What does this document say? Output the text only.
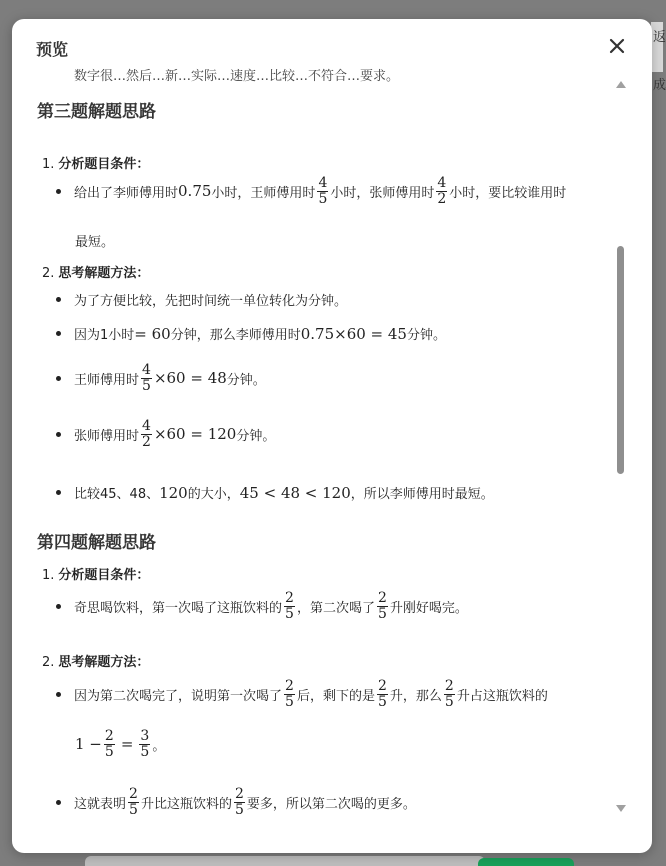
返
成
预览
数字很…然后…新…实际…速度…比较…不符合…要求。
第三题解题思路
1. 分析题目条件：
给出了李师傅用时 0.75 小时，王师傅用时 $\frac{4}{5}$ 小时，张师傅用时 $\frac{4}{2}$ 小时，要比较谁用时
最短。
2. 思考解题方法：
为了方便比较，先把时间统一单位转化为分钟。
因为1小时 = 60 分钟，那么李师傅用时 0.75×60 = 45 分钟。
王师傅用时 $\frac{4}{5} \times 60 = 48$ 分钟。
张师傅用时 $\frac{4}{2} \times 60 = 120$ 分钟。
比较45、48、 120 的大小， 45 < 48 < 120 ，所以李师傅用时最短。
第四题解题思路
1. 分析题目条件：
奇思喝饮料，第一次喝了这瓶饮料的 $\frac{2}{5}$ ，第二次喝了 $\frac{2}{5}$ 升刚好喝完。
2. 思考解题方法：
因为第二次喝完了，说明第一次喝了 $\frac{2}{5}$ 后，剩下的是 $\frac{2}{5}$ 升，那么 $\frac{2}{5}$ 升占这瓶饮料的
$1 - \frac{2}{5} = \frac{3}{5}$ 。
这就表明 $\frac{2}{5}$ 升比这瓶饮料的 $\frac{2}{5}$ 要多，所以第二次喝的更多。
